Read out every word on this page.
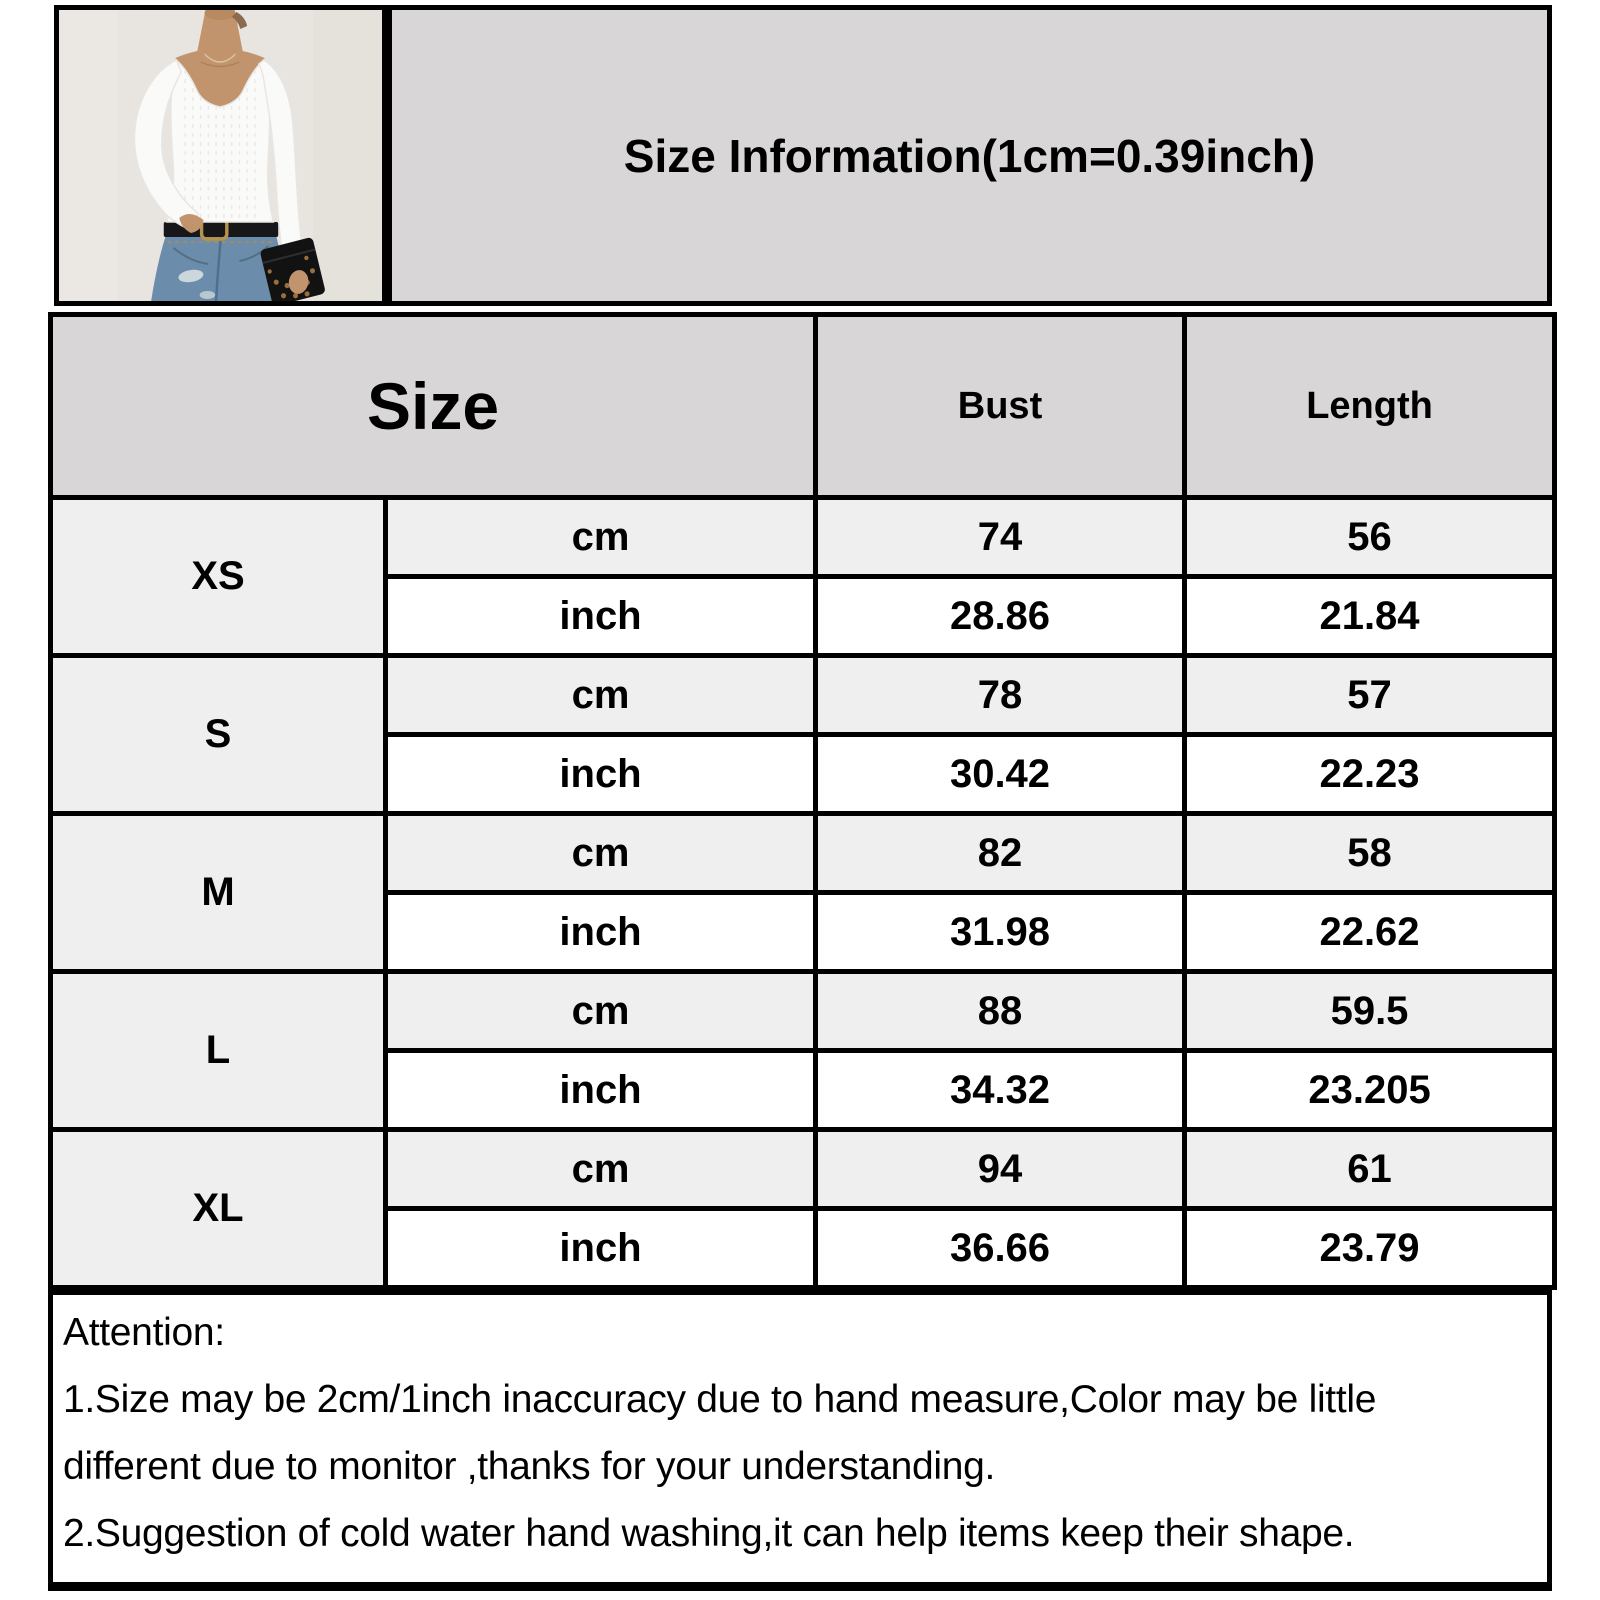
Size Information(1cm=0.39inch)
Size		Bust	Length
XS	cm	74	56
	inch	28.86	21.84
S	cm	78	57
	inch	30.42	22.23
M	cm	82	58
	inch	31.98	22.62
L	cm	88	59.5
	inch	34.32	23.205
XL	cm	94	61
	inch	36.66	23.79
Attention:
1.Size may be 2cm/1inch inaccuracy due to hand measure,Color may be little
different due to monitor ,thanks for your understanding.
2.Suggestion of cold water hand washing,it can help items keep their shape.
